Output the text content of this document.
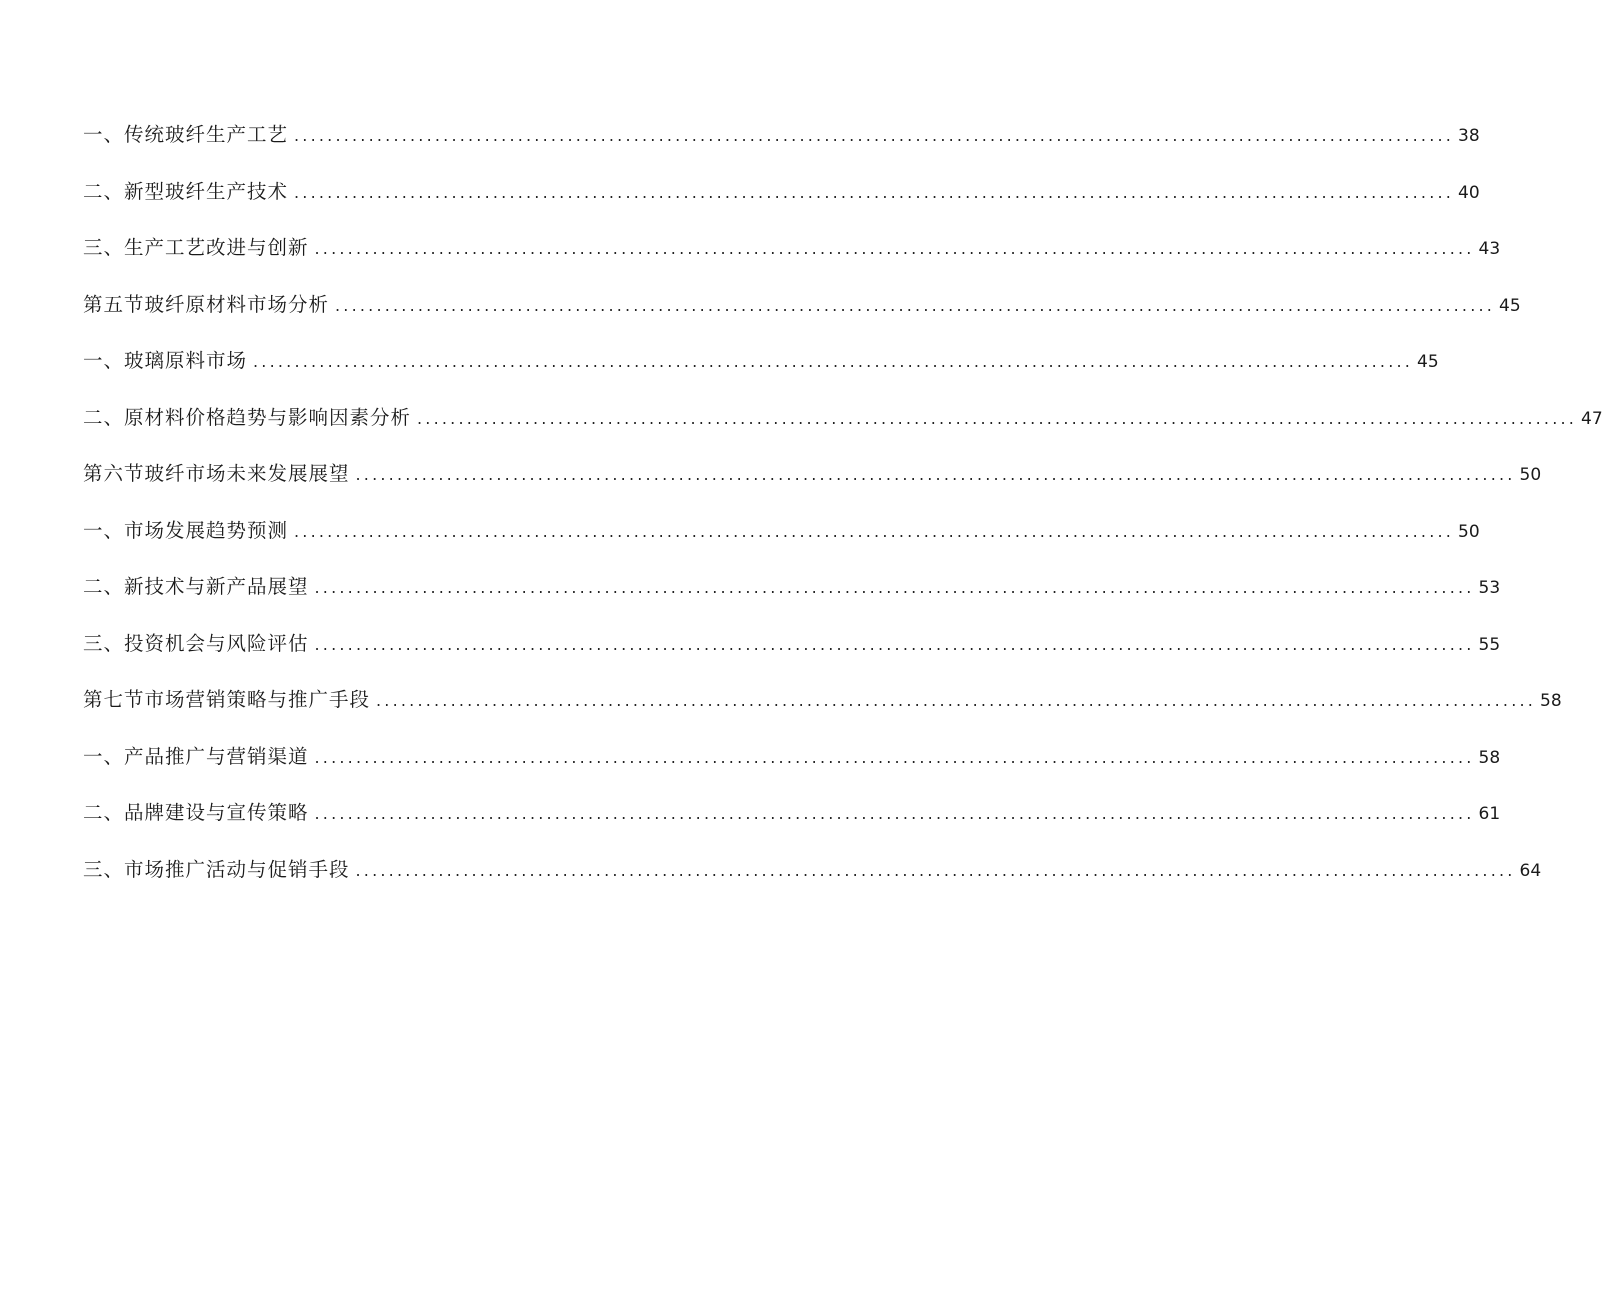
一、传统玻纤生产工艺 ............................................................................................................................................ 38
二、新型玻纤生产技术 ............................................................................................................................................ 40
三、生产工艺改进与创新 ............................................................................................................................................ 43
第五节玻纤原材料市场分析 ............................................................................................................................................ 45
一、玻璃原料市场 ............................................................................................................................................ 45
二、原材料价格趋势与影响因素分析 ............................................................................................................................................ 47
第六节玻纤市场未来发展展望 ............................................................................................................................................ 50
一、市场发展趋势预测 ............................................................................................................................................ 50
二、新技术与新产品展望 ............................................................................................................................................ 53
三、投资机会与风险评估 ............................................................................................................................................ 55
第七节市场营销策略与推广手段 ............................................................................................................................................ 58
一、产品推广与营销渠道 ............................................................................................................................................ 58
二、品牌建设与宣传策略 ............................................................................................................................................ 61
三、市场推广活动与促销手段 ............................................................................................................................................ 64
